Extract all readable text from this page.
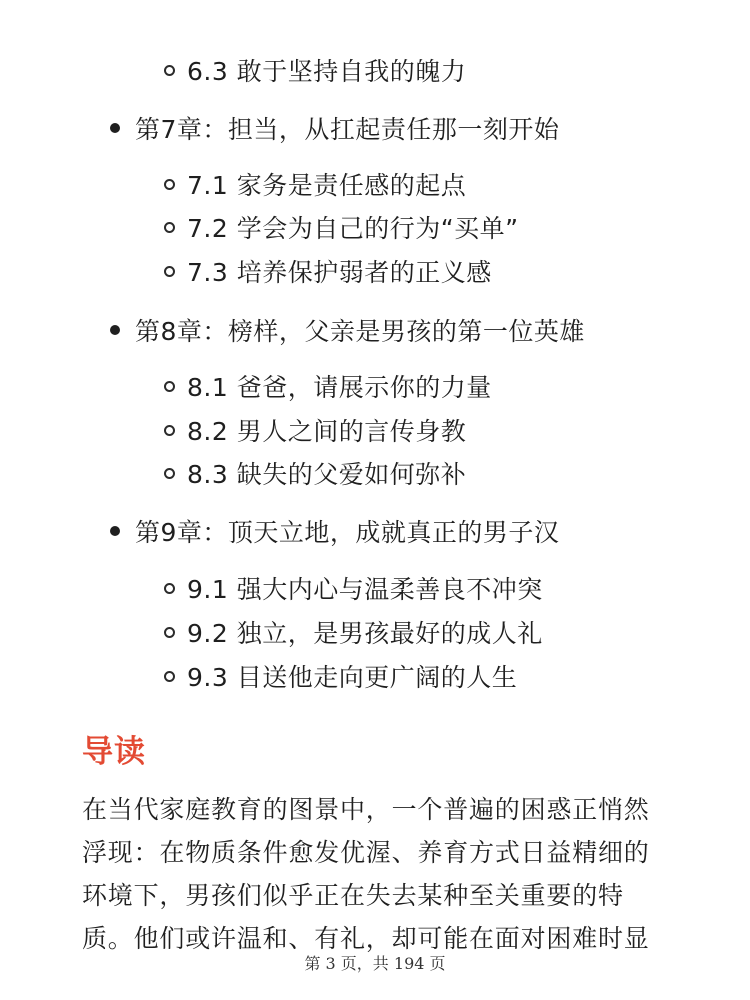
6.3 敢于坚持自我的魄力
第7章：担当，从扛起责任那一刻开始
7.1 家务是责任感的起点
7.2 学会为自己的行为“买单”
7.3 培养保护弱者的正义感
第8章：榜样，父亲是男孩的第一位英雄
8.1 爸爸，请展示你的力量
8.2 男人之间的言传身教
8.3 缺失的父爱如何弥补
第9章：顶天立地，成就真正的男子汉
9.1 强大内心与温柔善良不冲突
9.2 独立，是男孩最好的成人礼
9.3 目送他走向更广阔的人生
导读
在当代家庭教育的图景中，一个普遍的困惑正悄然
浮现：在物质条件愈发优渥、养育方式日益精细的
环境下，男孩们似乎正在失去某种至关重要的特
质。他们或许温和、有礼，却可能在面对困难时显
第 3 页，共 194 页
